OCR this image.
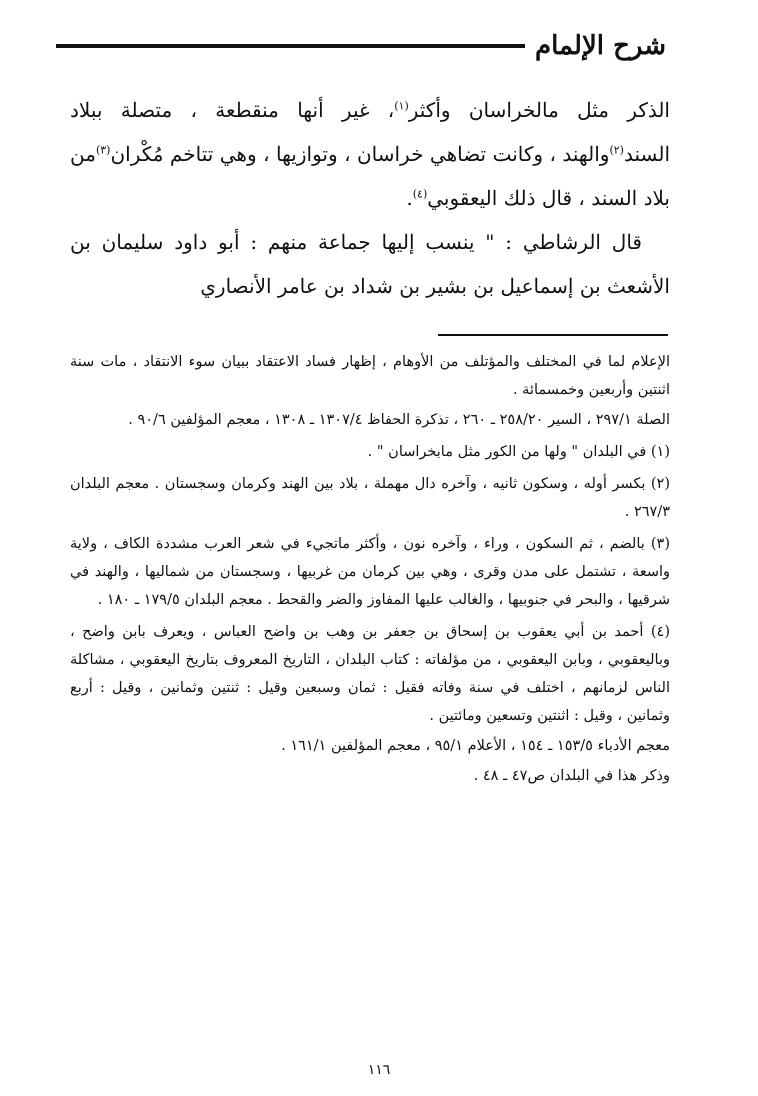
شرح الإلمام

الذكر مثل مالخراسان وأكثر$^{(١)}$، غير أنها منقطعة ، متصلة ببلاد السند$^{(٢)}$والهند ، وكانت تضاهي خراسان ، وتوازيها ، وهي تتاخم مُكْران$^{(٣)}$من بلاد السند ، قال ذلك اليعقوبي$^{(٤)}$.

قال الرشاطي : " ينسب إليها جماعة منهم : أبو داود سليمان بن الأشعث بن إسماعيل بن بشير بن شداد بن عامر الأنصاري

الإعلام لما في المختلف والمؤتلف من الأوهام ، إظهار فساد الاعتقاد ببيان سوء الانتقاد ، مات سنة اثنتين وأربعين وخمسمائة .

الصلة ٢٩٧/١ ، السير ٢٥٨/٢٠ ـ ٢٦٠ ، تذكرة الحفاظ ١٣٠٧/٤ ـ ١٣٠٨ ، معجم المؤلفين ٩٠/٦ .

(١) في البلدان " ولها من الكور مثل مابخراسان " .

(٢) بكسر أوله ، وسكون ثانيه ، وآخره دال مهملة ، بلاد بين الهند وكرمان وسجستان . معجم البلدان ٢٦٧/٣ .

(٣) بالضم ، ثم السكون ، وراء ، وآخره نون ، وأكثر ماتجيء في شعر العرب مشددة الكاف ، ولاية واسعة ، تشتمل على مدن وقرى ، وهي بين كرمان من غربيها ، وسجستان من شماليها ، والهند في شرقيها ، والبحر في جنوبيها ، والغالب عليها المفاوز والضر والقحط . معجم البلدان ١٧٩/٥ ـ ١٨٠ .

(٤) أحمد بن أبي يعقوب بن إسحاق بن جعفر بن وهب بن واضح العباس ، ويعرف بابن واضح ، وباليعقوبي ، وبابن اليعقوبي ، من مؤلفاته : كتاب البلدان ، التاريخ المعروف بتاريخ اليعقوبي ، مشاكلة الناس لزمانهم ، اختلف في سنة وفاته فقيل : ثمان وسبعين وقيل : ثنتين وثمانين ، وقيل : أربع وثمانين ، وقيل : اثنتين وتسعين ومائتين .

معجم الأدباء ١٥٣/٥ ـ ١٥٤ ، الأعلام ٩٥/١ ، معجم المؤلفين ١٦١/١ .

وذكر هذا في البلدان ص٤٧ ـ ٤٨ .

١١٦
